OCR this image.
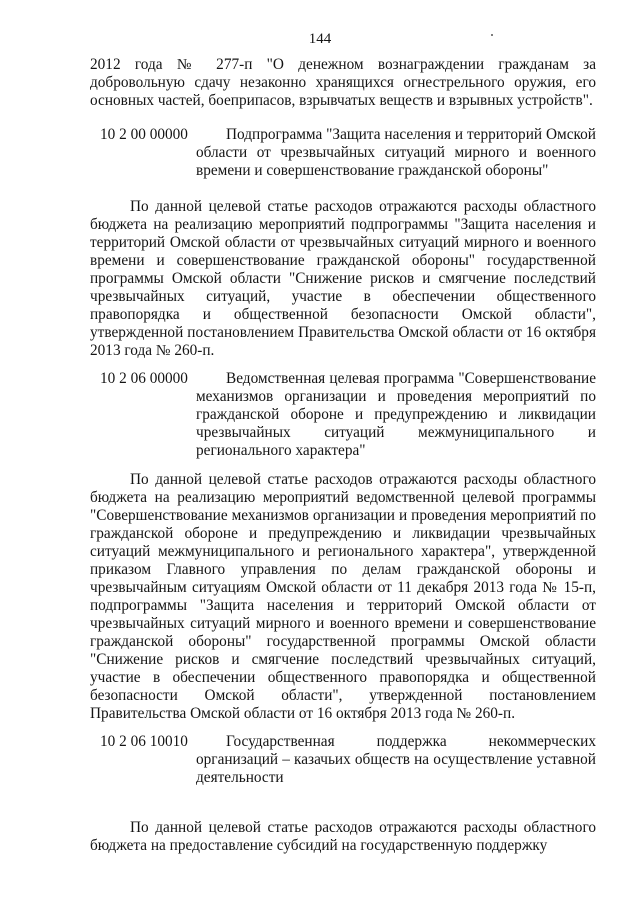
144

2012 года № 277-п "О денежном вознаграждении гражданам за добровольную сдачу незаконно хранящихся огнестрельного оружия, его основных частей, боеприпасов, взрывчатых веществ и взрывных устройств".

10 2 00 00000	Подпрограмма "Защита населения и территорий Омской области от чрезвычайных ситуаций мирного и военного времени и совершенствование гражданской обороны"

По данной целевой статье расходов отражаются расходы областного бюджета на реализацию мероприятий подпрограммы "Защита населения и территорий Омской области от чрезвычайных ситуаций мирного и военного времени и совершенствование гражданской обороны" государственной программы Омской области "Снижение рисков и смягчение последствий чрезвычайных ситуаций, участие в обеспечении общественного правопорядка и общественной безопасности Омской области", утвержденной постановлением Правительства Омской области от 16 октября 2013 года № 260-п.

10 2 06 00000	Ведомственная целевая программа "Совершенствование механизмов организации и проведения мероприятий по гражданской обороне и предупреждению и ликвидации чрезвычайных ситуаций межмуниципального и регионального характера"

По данной целевой статье расходов отражаются расходы областного бюджета на реализацию мероприятий ведомственной целевой программы "Совершенствование механизмов организации и проведения мероприятий по гражданской обороне и предупреждению и ликвидации чрезвычайных ситуаций межмуниципального и регионального характера", утвержденной приказом Главного управления по делам гражданской обороны и чрезвычайным ситуациям Омской области от 11 декабря 2013 года № 15-п, подпрограммы "Защита населения и территорий Омской области от чрезвычайных ситуаций мирного и военного времени и совершенствование гражданской обороны" государственной программы Омской области "Снижение рисков и смягчение последствий чрезвычайных ситуаций, участие в обеспечении общественного правопорядка и общественной безопасности Омской области", утвержденной постановлением Правительства Омской области от 16 октября 2013 года № 260-п.

10 2 06 10010	Государственная поддержка некоммерческих организаций – казачьих обществ на осуществление уставной деятельности

По данной целевой статье расходов отражаются расходы областного бюджета на предоставление субсидий на государственную поддержку
